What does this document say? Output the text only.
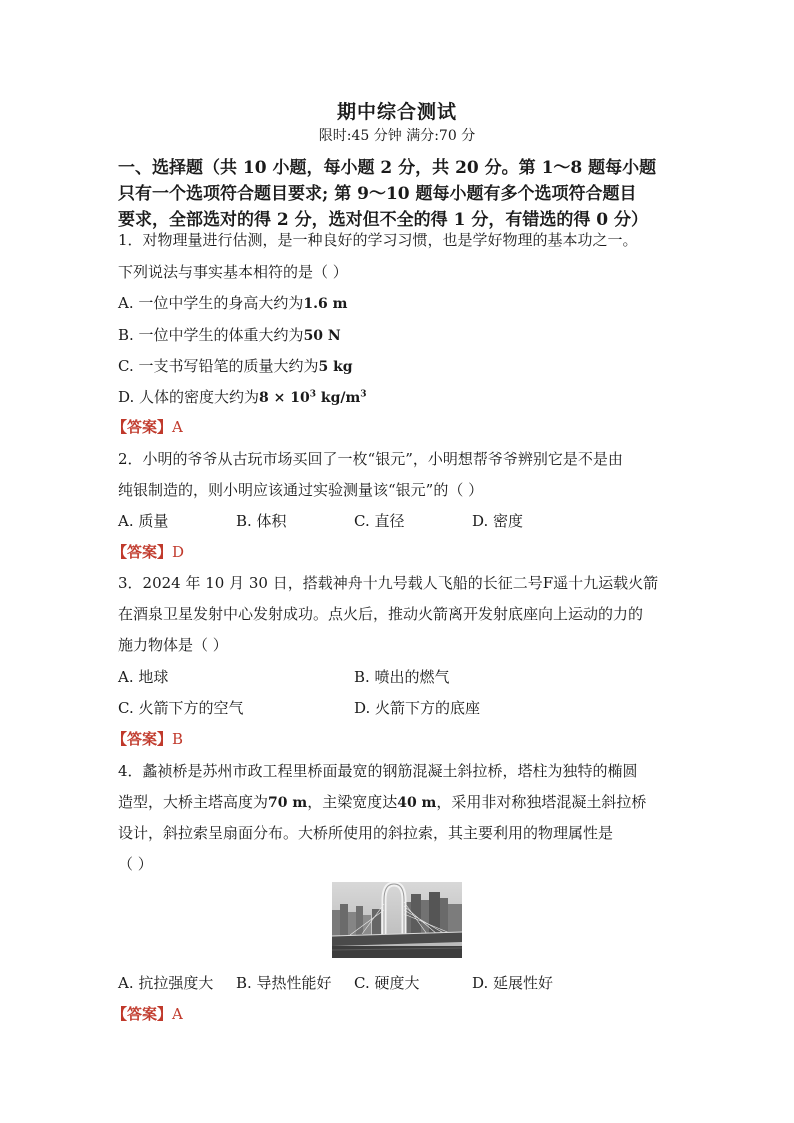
期中综合测试
限时:45 分钟 满分:70 分
一、选择题（共 10 小题，每小题 2 分，共 20 分。第 1～8 题每小题
只有一个选项符合题目要求; 第 9～10 题每小题有多个选项符合题目
要求，全部选对的得 2 分，选对但不全的得 1 分，有错选的得 0 分）
1．对物理量进行估测，是一种良好的学习习惯，也是学好物理的基本功之一。
下列说法与事实基本相符的是（ ）
A. 一位中学生的身高大约为1.6 m
B. 一位中学生的体重大约为50 N
C. 一支书写铅笔的质量大约为5 kg
D. 人体的密度大约为$8 \times 10^3$ $kg/m^3$
【答案】A
2．小明的爷爷从古玩市场买回了一枚“银元”，小明想帮爷爷辨别它是不是由
纯银制造的，则小明应该通过实验测量该“银元”的（ ）
A. 质量	B. 体积	C. 直径	D. 密度
【答案】D
3．2024 年 10 月 30 日，搭载神舟十九号载人飞船的长征二号F遥十九运载火箭
在酒泉卫星发射中心发射成功。点火后，推动火箭离开发射底座向上运动的力的
施力物体是（ ）
A. 地球	B. 喷出的燃气
C. 火箭下方的空气	D. 火箭下方的底座
【答案】B
4．蠡祯桥是苏州市政工程里桥面最宽的钢筋混凝土斜拉桥，塔柱为独特的椭圆
造型，大桥主塔高度为70 m，主梁宽度达40 m，采用非对称独塔混凝土斜拉桥
设计，斜拉索呈扇面分布。大桥所使用的斜拉索，其主要利用的物理属性是
（ ）
A. 抗拉强度大 B. 导热性能好 C. 硬度大	D. 延展性好
【答案】A
